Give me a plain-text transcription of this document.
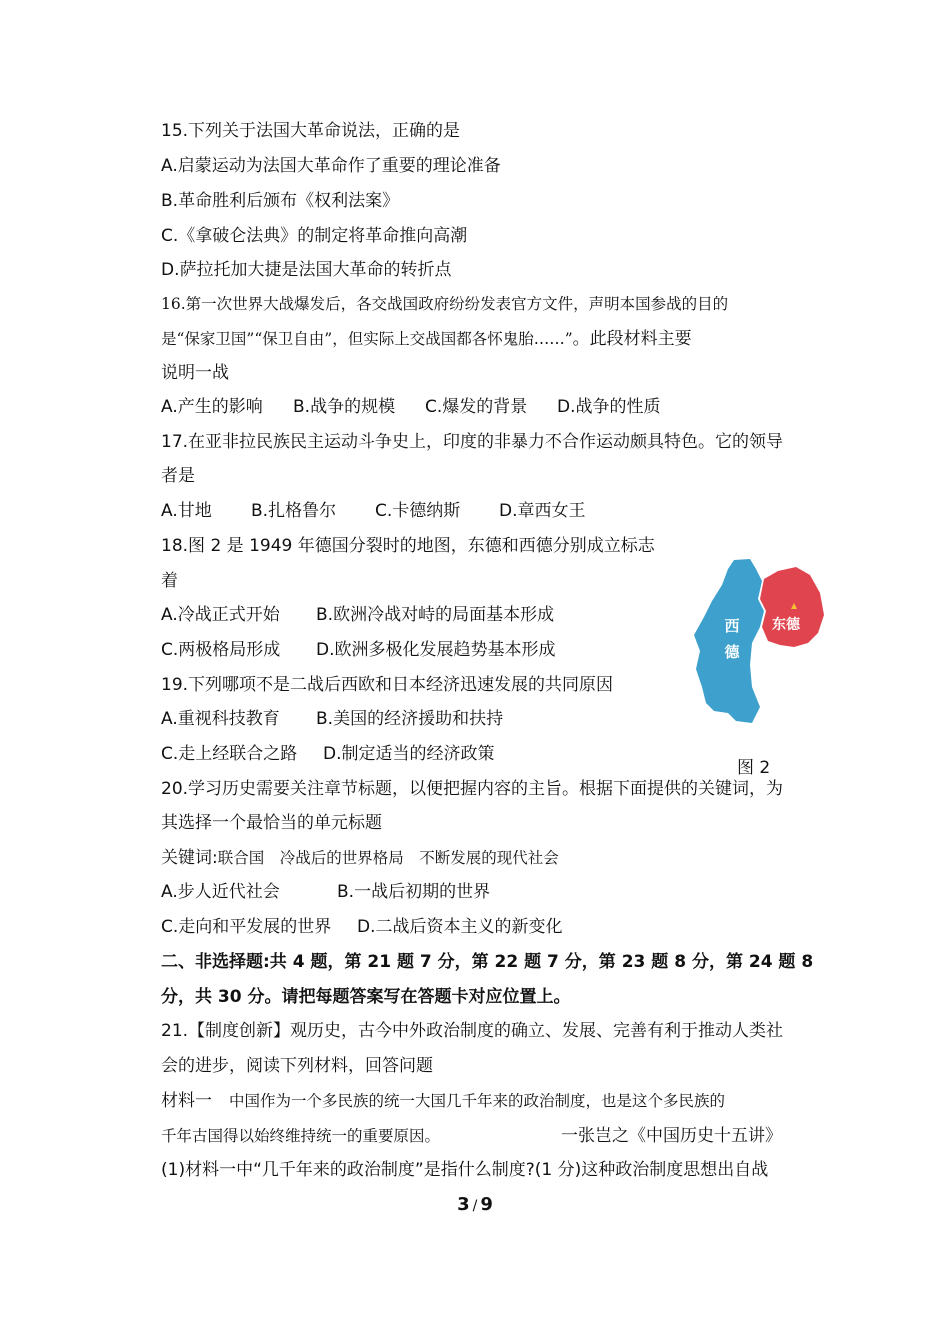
15.下列关于法国大革命说法，正确的是
A.启蒙运动为法国大革命作了重要的理论准备
B.革命胜利后颁布《权利法案》
C.《拿破仑法典》的制定将革命推向高潮
D.萨拉托加大捷是法国大革命的转折点
16.第一次世界大战爆发后，各交战国政府纷纷发表官方文件，声明本国参战的目的
是“保家卫国”“保卫自由”，但实际上交战国都各怀鬼胎……”。此段材料主要
说明一战
A.产生的影响 B.战争的规模 C.爆发的背景 D.战争的性质
17.在亚非拉民族民主运动斗争史上，印度的非暴力不合作运动颇具特色。它的领导
者是
A.甘地 B.扎格鲁尔 C.卡德纳斯 D.章西女王
18.图 2 是 1949 年德国分裂时的地图，东德和西德分别成立标志
着
A.冷战正式开始 B.欧洲冷战对峙的局面基本形成
C.两极格局形成 D.欧洲多极化发展趋势基本形成
西
德
东德
图 2
19.下列哪项不是二战后西欧和日本经济迅速发展的共同原因
A.重视科技教育 B.美国的经济援助和扶持
C.走上经联合之路 D.制定适当的经济政策
20.学习历史需要关注章节标题，以便把握内容的主旨。根据下面提供的关键词，为
其选择一个最恰当的单元标题
关键词:联合国　冷战后的世界格局　不断发展的现代社会
A.步人近代社会	B.一战后初期的世界
C.走向和平发展的世界 D.二战后资本主义的新变化
二、非选择题:共 4 题，第 21 题 7 分，第 22 题 7 分，第 23 题 8 分，第 24 题 8
分，共 30 分。请把每题答案写在答题卡对应位置上。
21.【制度创新】观历史，古今中外政治制度的确立、发展、完善有利于推动人类社
会的进步，阅读下列材料，回答问题
材料一 中国作为一个多民族的统一大国几千年来的政治制度，也是这个多民族的
千年古国得以始终维持统一的重要原因。	一张岂之《中国历史十五讲》
(1)材料一中“几千年来的政治制度”是指什么制度?(1 分)这种政治制度思想出自战
3 / 9
